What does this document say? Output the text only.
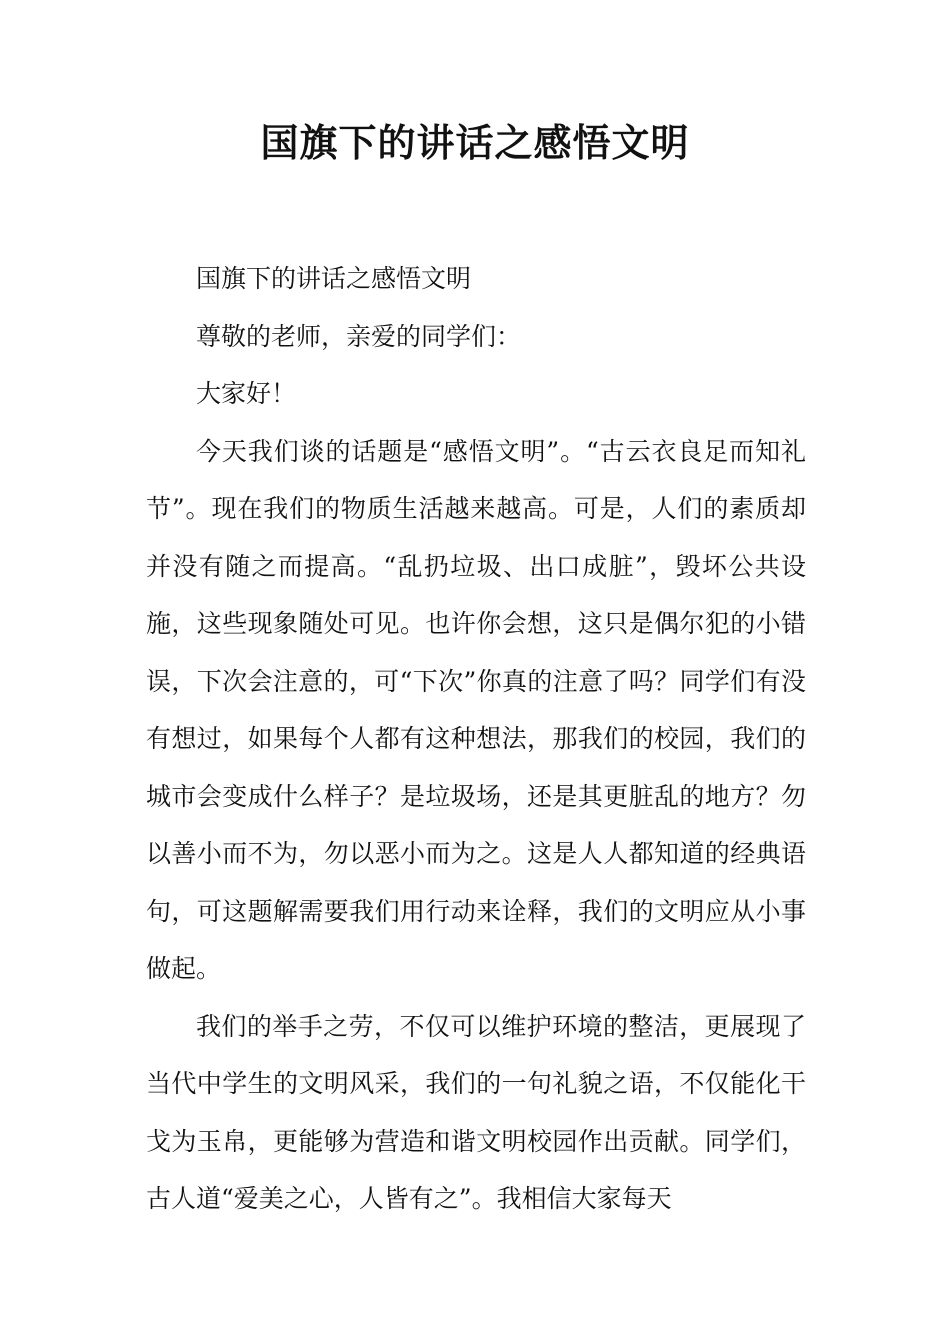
国旗下的讲话之感悟文明

国旗下的讲话之感悟文明

尊敬的老师，亲爱的同学们：

大家好！

今天我们谈的话题是“感悟文明”。“古云衣良足而知礼节”。现在我们的物质生活越来越高。可是，人们的素质却并没有随之而提高。“乱扔垃圾、出口成脏”，毁坏公共设施，这些现象随处可见。也许你会想，这只是偶尔犯的小错误，下次会注意的，可“下次”你真的注意了吗？同学们有没有想过，如果每个人都有这种想法，那我们的校园，我们的城市会变成什么样子？是垃圾场，还是其更脏乱的地方？勿以善小而不为，勿以恶小而为之。这是人人都知道的经典语句，可这题解需要我们用行动来诠释，我们的文明应从小事做起。

我们的举手之劳，不仅可以维护环境的整洁，更展现了当代中学生的文明风采，我们的一句礼貌之语，不仅能化干戈为玉帛，更能够为营造和谐文明校园作出贡献。同学们，古人道“爱美之心，人皆有之”。我相信大家每天
